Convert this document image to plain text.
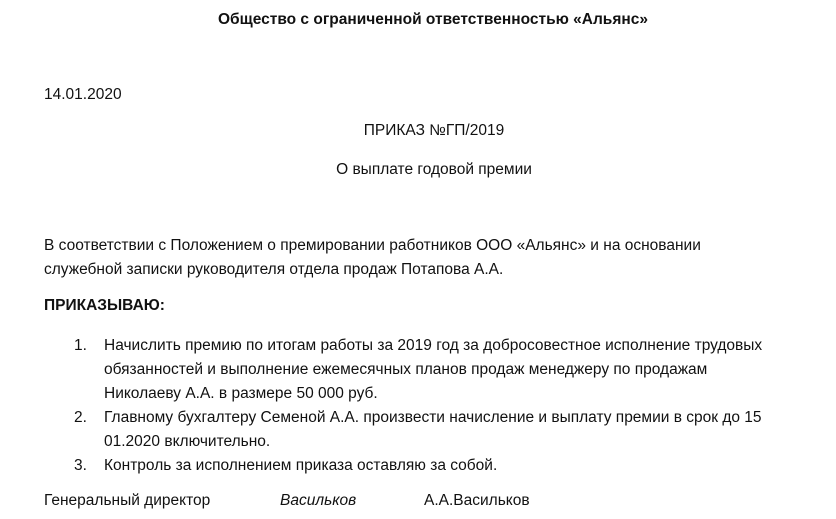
Общество с ограниченной ответственностью «Альянс»
14.01.2020
ПРИКАЗ №ГП/2019
О выплате годовой премии
В соответствии с Положением о премировании работников ООО «Альянс» и на основании
служебной записки руководителя отдела продаж Потапова А.А.
ПРИКАЗЫВАЮ:
1. Начислить премию по итогам работы за 2019 год за добросовестное исполнение трудовых
обязанностей и выполнение ежемесячных планов продаж менеджеру по продажам
Николаеву А.А. в размере 50 000 руб.
2. Главному бухгалтеру Семеной А.А. произвести начисление и выплату премии в срок до 15
01.2020 включительно.
3. Контроль за исполнением приказа оставляю за собой.
Генеральный директор	Васильков	А.А.Васильков
